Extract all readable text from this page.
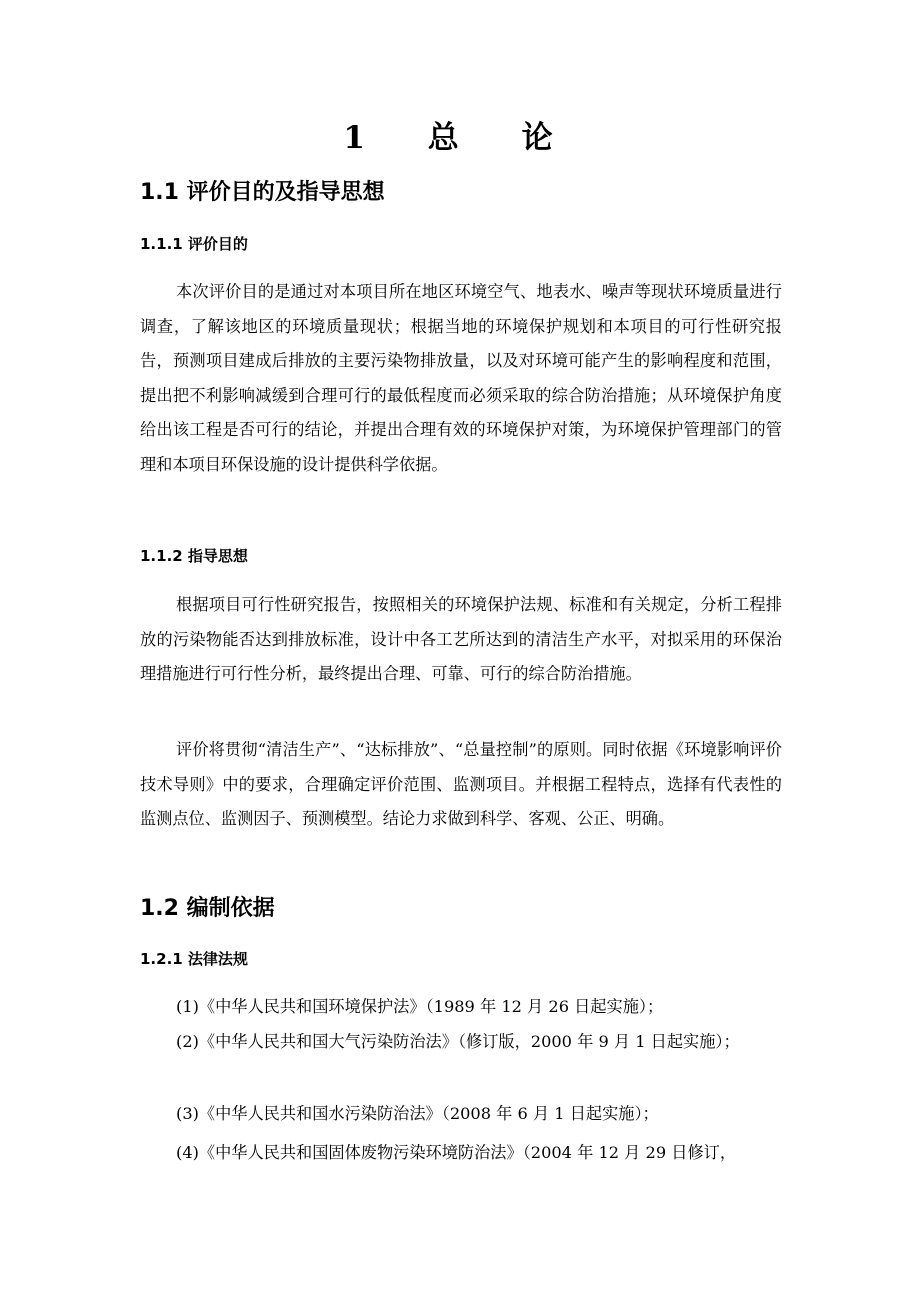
1 总 论
1.1 评价目的及指导思想
1.1.1 评价目的
本次评价目的是通过对本项目所在地区环境空气、地表水、噪声等现状环境质量进行调查，了解该地区的环境质量现状；根据当地的环境保护规划和本项目的可行性研究报告，预测项目建成后排放的主要污染物排放量，以及对环境可能产生的影响程度和范围，提出把不利影响减缓到合理可行的最低程度而必须采取的综合防治措施；从环境保护角度给出该工程是否可行的结论，并提出合理有效的环境保护对策，为环境保护管理部门的管理和本项目环保设施的设计提供科学依据。
1.1.2 指导思想
根据项目可行性研究报告，按照相关的环境保护法规、标准和有关规定，分析工程排放的污染物能否达到排放标准，设计中各工艺所达到的清洁生产水平，对拟采用的环保治理措施进行可行性分析，最终提出合理、可靠、可行的综合防治措施。
评价将贯彻“清洁生产”、“达标排放”、“总量控制”的原则。同时依据《环境影响评价技术导则》中的要求，合理确定评价范围、监测项目。并根据工程特点，选择有代表性的监测点位、监测因子、预测模型。结论力求做到科学、客观、公正、明确。
1.2 编制依据
1.2.1 法律法规
(1)《中华人民共和国环境保护法》（1989 年 12 月 26 日起实施）；
(2)《中华人民共和国大气污染防治法》（修订版，2000 年 9 月 1 日起实施）；
(3)《中华人民共和国水污染防治法》（2008 年 6 月 1 日起实施）；
(4)《中华人民共和国固体废物污染环境防治法》（2004 年 12 月 29 日修订，
